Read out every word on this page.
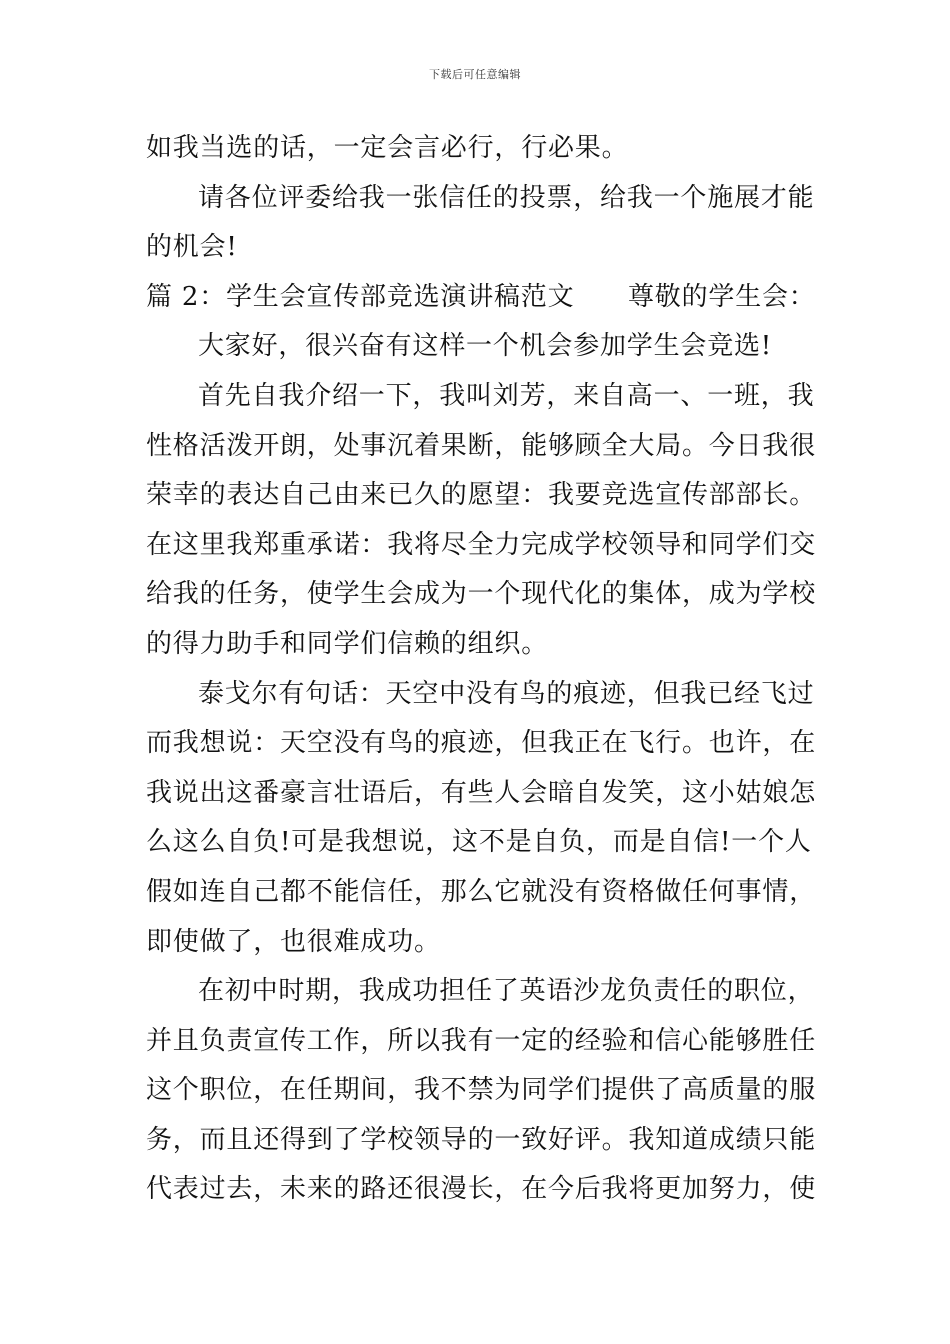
下载后可任意编辑
如我当选的话，一定会言必行，行必果。
请各位评委给我一张信任的投票，给我一个施展才能
的机会!
篇 2：学生会宣传部竞选演讲稿范文　　尊敬的学生会：
大家好，很兴奋有这样一个机会参加学生会竞选!
首先自我介绍一下，我叫刘芳，来自高一、一班，我
性格活泼开朗，处事沉着果断，能够顾全大局。今日我很
荣幸的表达自己由来已久的愿望：我要竞选宣传部部长。
在这里我郑重承诺：我将尽全力完成学校领导和同学们交
给我的任务，使学生会成为一个现代化的集体，成为学校
的得力助手和同学们信赖的组织。
泰戈尔有句话：天空中没有鸟的痕迹，但我已经飞过
而我想说：天空没有鸟的痕迹，但我正在飞行。也许，在
我说出这番豪言壮语后，有些人会暗自发笑，这小姑娘怎
么这么自负!可是我想说，这不是自负，而是自信!一个人
假如连自己都不能信任，那么它就没有资格做任何事情，
即使做了，也很难成功。
在初中时期，我成功担任了英语沙龙负责任的职位，
并且负责宣传工作，所以我有一定的经验和信心能够胜任
这个职位，在任期间，我不禁为同学们提供了高质量的服
务，而且还得到了学校领导的一致好评。我知道成绩只能
代表过去，未来的路还很漫长，在今后我将更加努力，使
